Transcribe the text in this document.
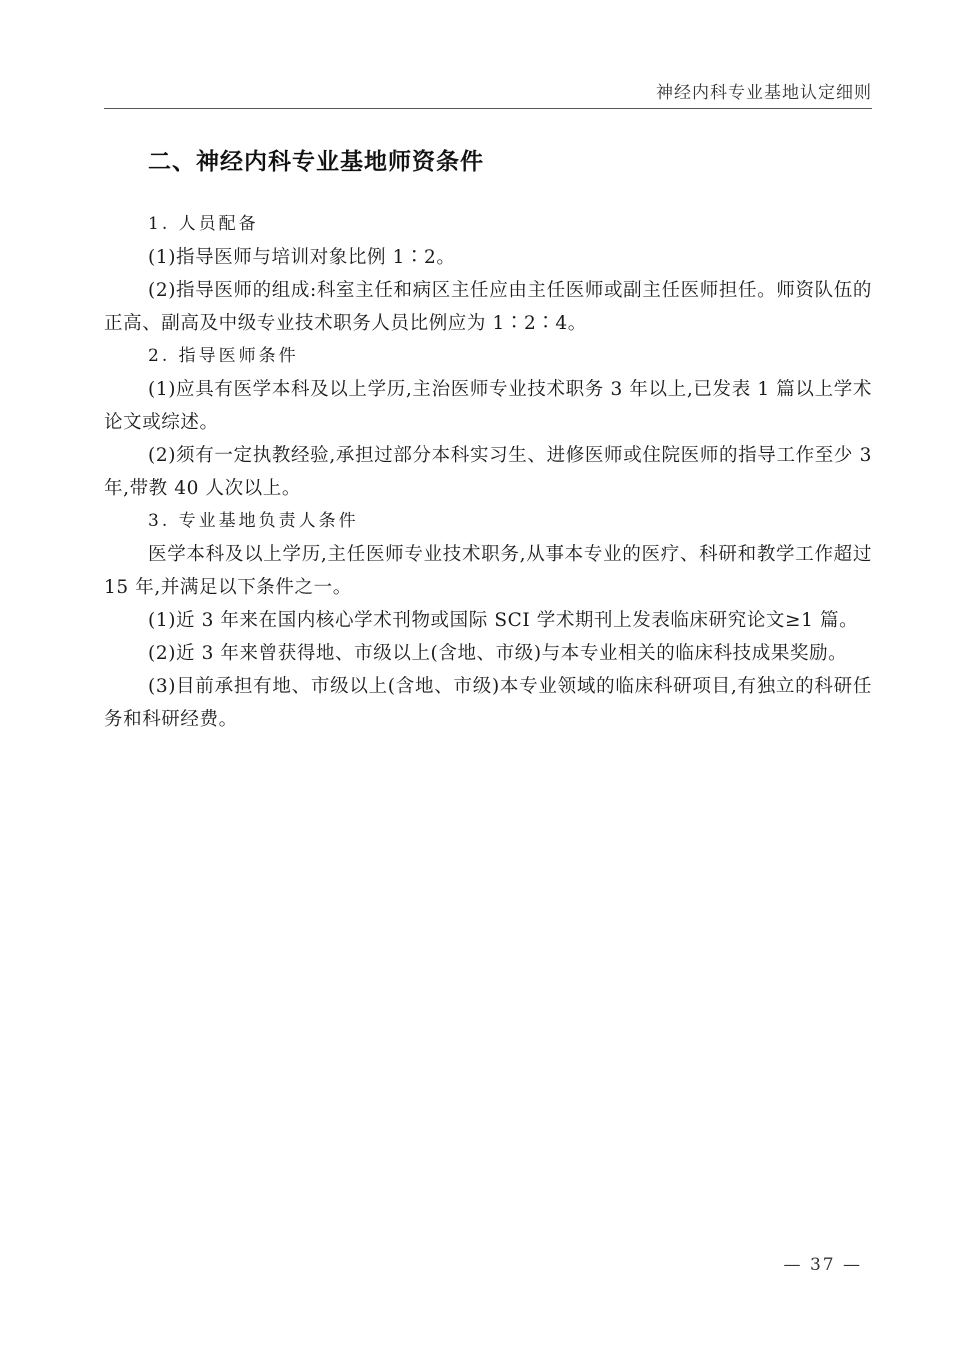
神经内科专业基地认定细则
二、神经内科专业基地师资条件

1. 人员配备

(1)指导医师与培训对象比例 1∶2。

(2)指导医师的组成:科室主任和病区主任应由主任医师或副主任医师担任。师资队伍的正高、副高及中级专业技术职务人员比例应为 1∶2∶4。

2. 指导医师条件

(1)应具有医学本科及以上学历,主治医师专业技术职务 3 年以上,已发表 1 篇以上学术论文或综述。

(2)须有一定执教经验,承担过部分本科实习生、进修医师或住院医师的指导工作至少 3 年,带教 40 人次以上。

3. 专业基地负责人条件

医学本科及以上学历,主任医师专业技术职务,从事本专业的医疗、科研和教学工作超过 15 年,并满足以下条件之一。

(1)近 3 年来在国内核心学术刊物或国际 SCI 学术期刊上发表临床研究论文≥1 篇。

(2)近 3 年来曾获得地、市级以上(含地、市级)与本专业相关的临床科技成果奖励。

(3)目前承担有地、市级以上(含地、市级)本专业领域的临床科研项目,有独立的科研任务和科研经费。

— 37 —
